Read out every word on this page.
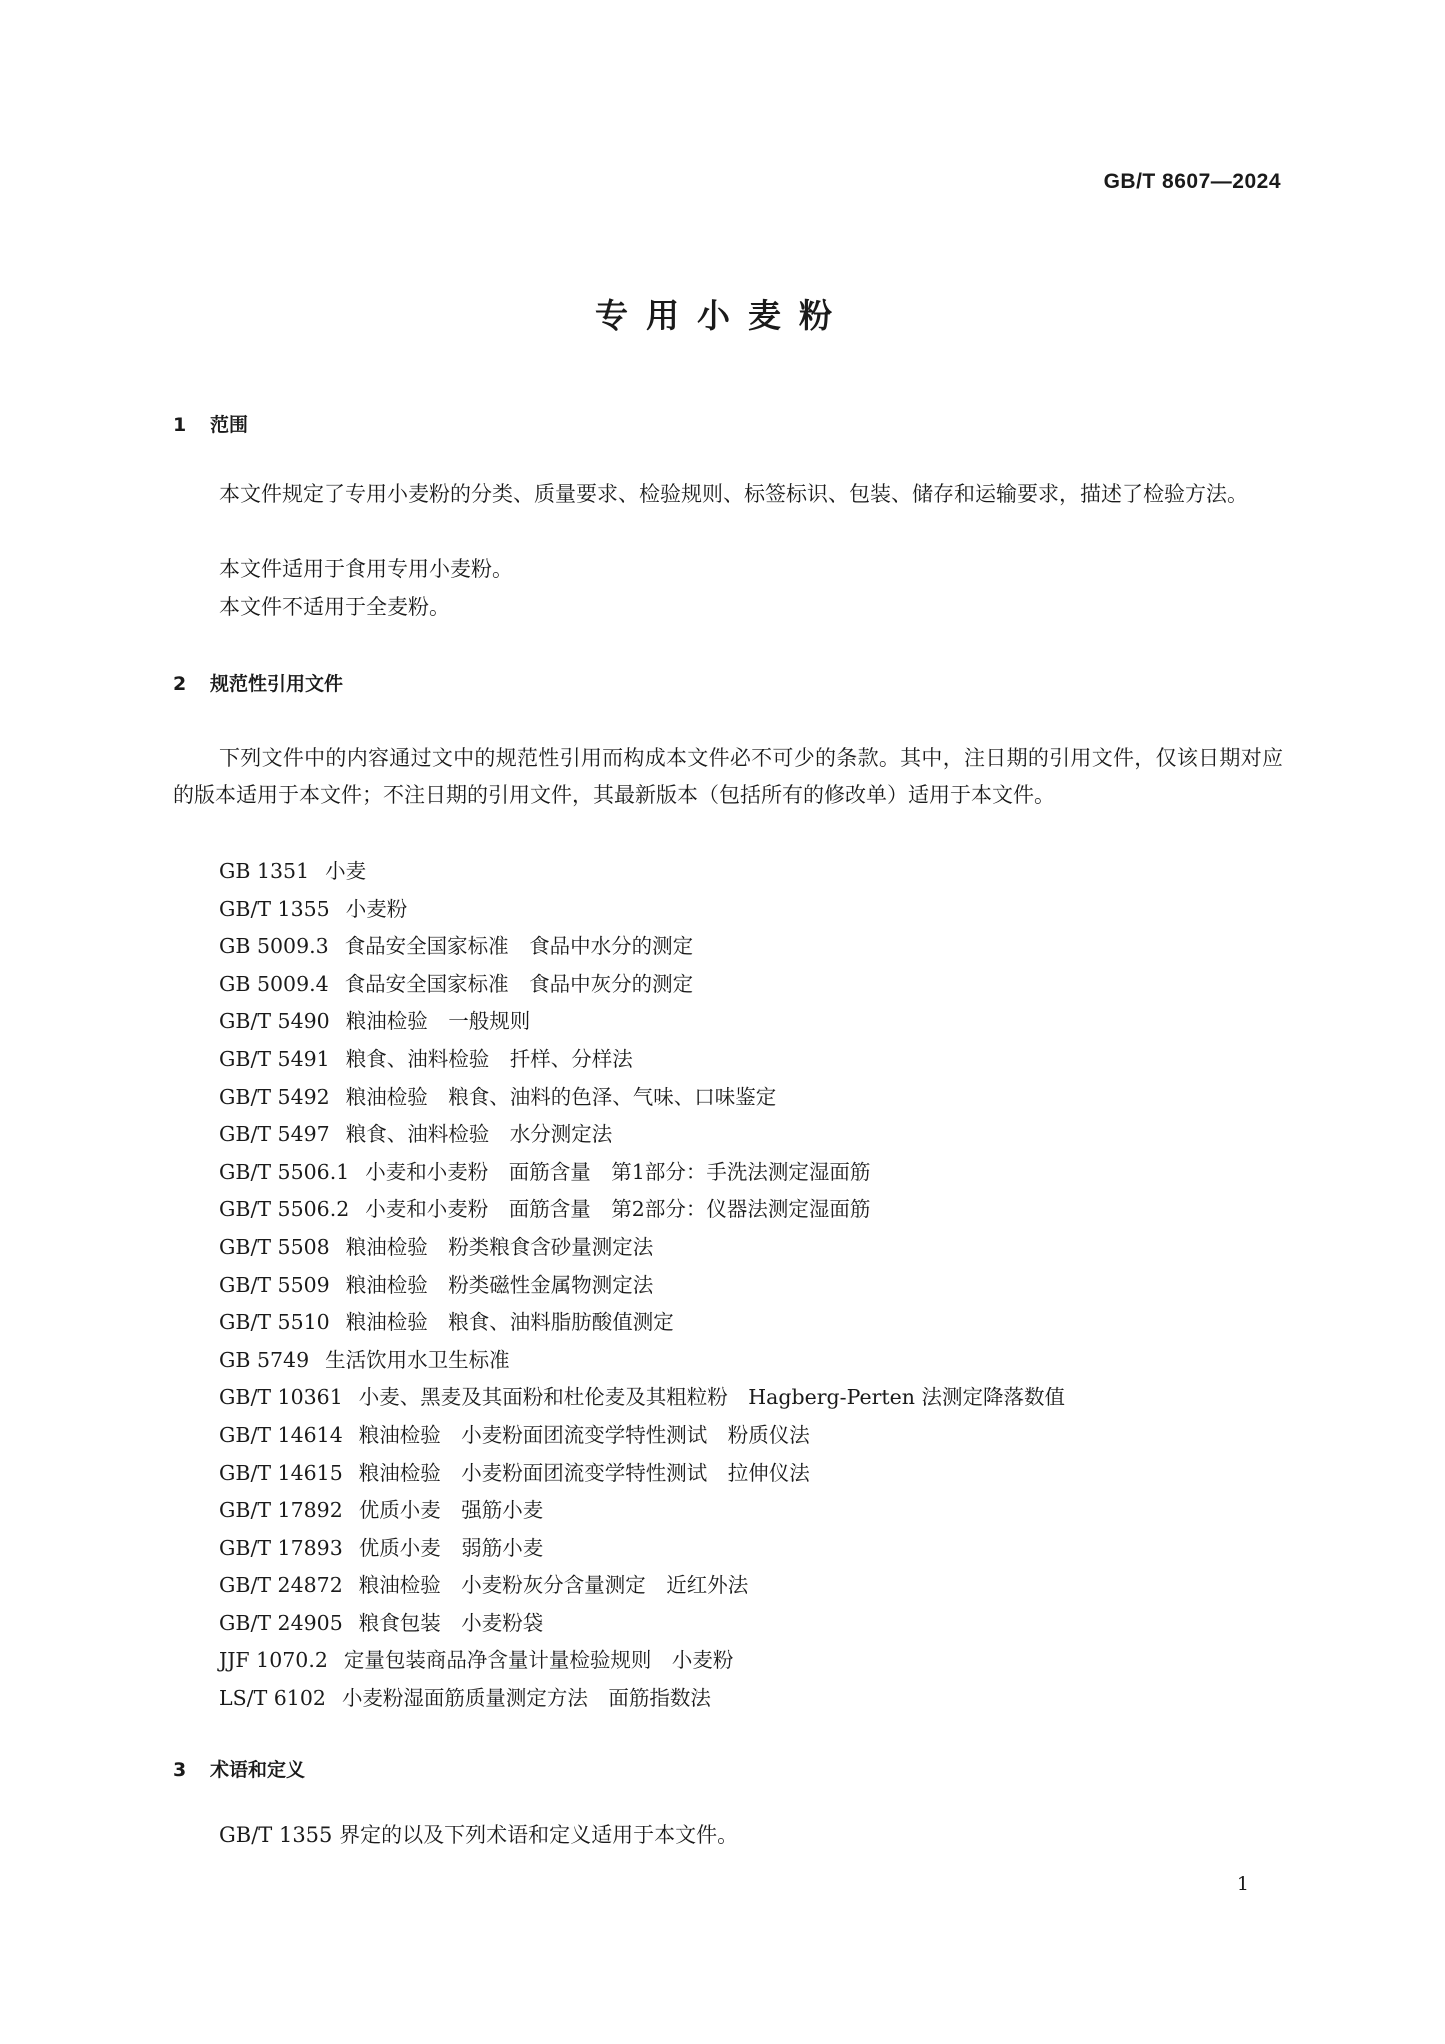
GB/T 8607—2024
专用小麦粉
1 范围

本文件规定了专用小麦粉的分类、质量要求、检验规则、标签标识、包装、储存和运输要求，描述了检验方法。

本文件适用于食用专用小麦粉。

本文件不适用于全麦粉。

2 规范性引用文件

下列文件中的内容通过文中的规范性引用而构成本文件必不可少的条款。其中，注日期的引用文件，仅该日期对应的版本适用于本文件；不注日期的引用文件，其最新版本（包括所有的修改单）适用于本文件。

GB 1351 小麦
GB/T 1355 小麦粉
GB 5009.3 食品安全国家标准　食品中水分的测定
GB 5009.4 食品安全国家标准　食品中灰分的测定
GB/T 5490 粮油检验　一般规则
GB/T 5491 粮食、油料检验　扦样、分样法
GB/T 5492 粮油检验　粮食、油料的色泽、气味、口味鉴定
GB/T 5497 粮食、油料检验　水分测定法
GB/T 5506.1 小麦和小麦粉　面筋含量　第1部分：手洗法测定湿面筋
GB/T 5506.2 小麦和小麦粉　面筋含量　第2部分：仪器法测定湿面筋
GB/T 5508 粮油检验　粉类粮食含砂量测定法
GB/T 5509 粮油检验　粉类磁性金属物测定法
GB/T 5510 粮油检验　粮食、油料脂肪酸值测定
GB 5749 生活饮用水卫生标准
GB/T 10361 小麦、黑麦及其面粉和杜伦麦及其粗粒粉　Hagberg-Perten 法测定降落数值
GB/T 14614 粮油检验　小麦粉面团流变学特性测试　粉质仪法
GB/T 14615 粮油检验　小麦粉面团流变学特性测试　拉伸仪法
GB/T 17892 优质小麦　强筋小麦
GB/T 17893 优质小麦　弱筋小麦
GB/T 24872 粮油检验　小麦粉灰分含量测定　近红外法
GB/T 24905 粮食包装　小麦粉袋
JJF 1070.2 定量包装商品净含量计量检验规则　小麦粉
LS/T 6102 小麦粉湿面筋质量测定方法　面筋指数法
3 术语和定义

GB/T 1355 界定的以及下列术语和定义适用于本文件。

1
